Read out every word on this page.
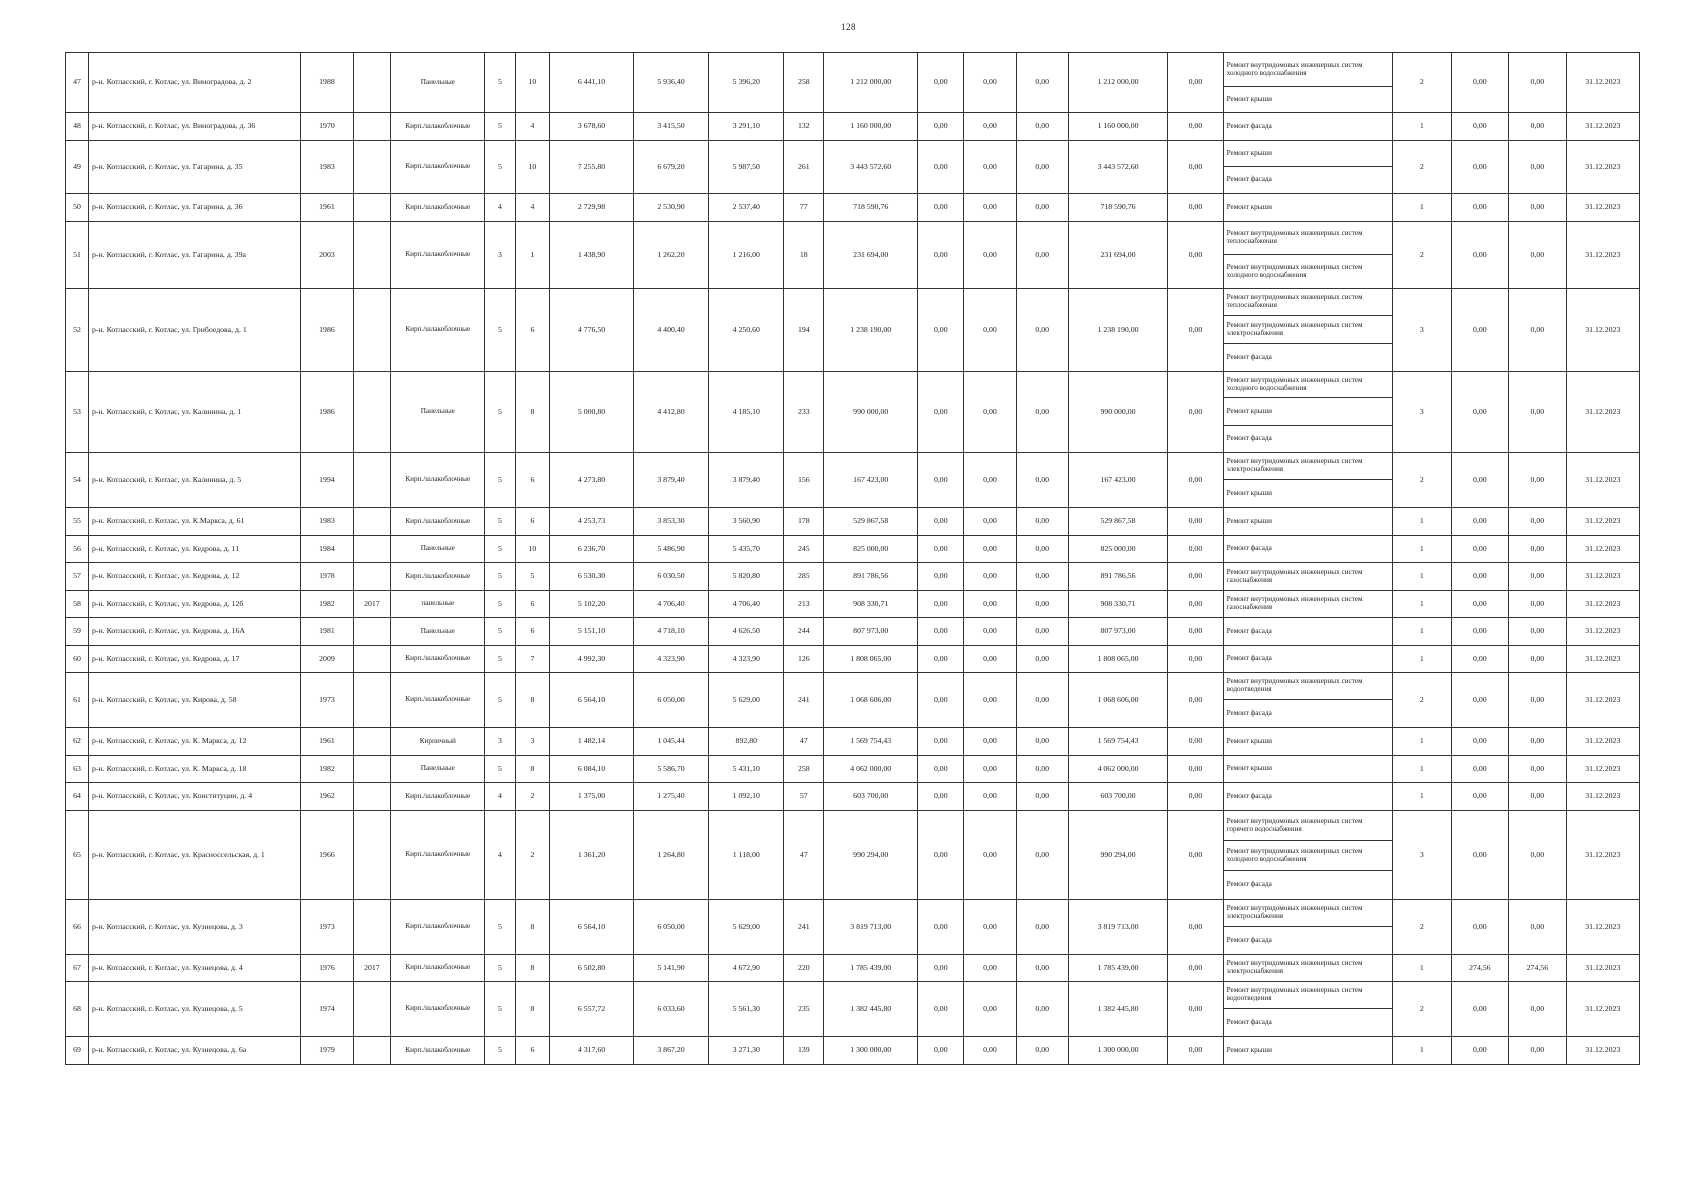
128
47	р-н. Котласский, г. Котлас, ул. Виноградова, д. 2	1988		Панельные	5	10	6 441,10	5 936,40	5 396,20	258	1 212 000,00	0,00	0,00	0,00	1 212 000,00	0,00	Ремонт внутридомовых инженерных систем холодного водоснабжения
Ремонт крыши	2	0,00	0,00	31.12.2023
48	р-н. Котласский, г. Котлас, ул. Виноградова, д. 36	1970		Кирп./шлакоблочные	5	4	3 678,60	3 415,50	3 291,10	132	1 160 000,00	0,00	0,00	0,00	1 160 000,00	0,00	Ремонт фасада	1	0,00	0,00	31.12.2023
49	р-н. Котласский, г. Котлас, ул. Гагарина, д. 35	1983		Кирп./шлакоблочные	5	10	7 255,80	6 679,20	5 987,50	261	3 443 572,60	0,00	0,00	0,00	3 443 572,60	0,00	Ремонт крыши
Ремонт фасада	2	0,00	0,00	31.12.2023
50	р-н. Котласский, г. Котлас, ул. Гагарина, д. 36	1961		Кирп./шлакоблочные	4	4	2 729,98	2 530,90	2 537,40	77	718 590,76	0,00	0,00	0,00	718 590,76	0,00	Ремонт крыши	1	0,00	0,00	31.12.2023
51	р-н. Котласский, г. Котлас, ул. Гагарина, д. 39а	2003		Кирп./шлакоблочные	3	1	1 438,90	1 262,20	1 216,00	18	231 694,00	0,00	0,00	0,00	231 694,00	0,00	Ремонт внутридомовых инженерных систем теплоснабжения
Ремонт внутридомовых инженерных систем холодного водоснабжения	2	0,00	0,00	31.12.2023
52	р-н. Котласский, г. Котлас, ул. Грибоедова, д. 1	1986		Кирп./шлакоблочные	5	6	4 776,50	4 400,40	4 250,60	194	1 238 190,00	0,00	0,00	0,00	1 238 190,00	0,00	Ремонт внутридомовых инженерных систем теплоснабжения
Ремонт внутридомовых инженерных систем электроснабжения
Ремонт фасада	3	0,00	0,00	31.12.2023
53	р-н. Котласский, г. Котлас, ул. Калинина, д. 1	1986		Панельные	5	8	5 000,80	4 412,80	4 185,10	233	990 000,00	0,00	0,00	0,00	990 000,00	0,00	Ремонт внутридомовых инженерных систем холодного водоснабжения
Ремонт крыши
Ремонт фасада	3	0,00	0,00	31.12.2023
54	р-н. Котласский, г. Котлас, ул. Калинина, д. 5	1994		Кирп./шлакоблочные	5	6	4 273,80	3 879,40	3 879,40	156	167 423,00	0,00	0,00	0,00	167 423,00	0,00	Ремонт внутридомовых инженерных систем электроснабжения
Ремонт крыши	2	0,00	0,00	31.12.2023
55	р-н. Котласский, г. Котлас, ул. К.Маркса, д. 61	1983		Кирп./шлакоблочные	5	6	4 253,73	3 853,30	3 560,90	178	529 867,58	0,00	0,00	0,00	529 867,58	0,00	Ремонт крыши	1	0,00	0,00	31.12.2023
56	р-н. Котласский, г. Котлас, ул. Кедрова, д. 11	1984		Панельные	5	10	6 236,70	5 486,90	5 435,70	245	825 000,00	0,00	0,00	0,00	825 000,00	0,00	Ремонт фасада	1	0,00	0,00	31.12.2023
57	р-н. Котласский, г. Котлас, ул. Кедрова, д. 12	1978		Кирп./шлакоблочные	5	5	6 530,30	6 030,50	5 820,80	285	891 786,56	0,00	0,00	0,00	891 786,56	0,00	Ремонт внутридомовых инженерных систем газоснабжения	1	0,00	0,00	31.12.2023
58	р-н. Котласский, г. Котлас, ул. Кедрова, д. 12б	1982	2017	панельные	5	6	5 102,20	4 706,40	4 706,40	213	908 330,71	0,00	0,00	0,00	908 330,71	0,00	Ремонт внутридомовых инженерных систем газоснабжения	1	0,00	0,00	31.12.2023
59	р-н. Котласский, г. Котлас, ул. Кедрова, д. 16А	1981		Панельные	5	6	5 151,10	4 718,10	4 626,50	244	807 973,00	0,00	0,00	0,00	807 973,00	0,00	Ремонт фасада	1	0,00	0,00	31.12.2023
60	р-н. Котласский, г. Котлас, ул. Кедрова, д. 17	2009		Кирп./шлакоблочные	5	7	4 992,30	4 323,90	4 323,90	126	1 808 065,00	0,00	0,00	0,00	1 808 065,00	0,00	Ремонт фасада	1	0,00	0,00	31.12.2023
61	р-н. Котласский, г. Котлас, ул. Кирова, д. 58	1973		Кирп./шлакоблочные	5	8	6 564,10	6 050,00	5 629,00	241	1 068 606,00	0,00	0,00	0,00	1 068 606,00	0,00	Ремонт внутридомовых инженерных систем водоотведения
Ремонт фасада	2	0,00	0,00	31.12.2023
62	р-н. Котласский, г. Котлас, ул. К. Маркса, д. 12	1961		Кирпичный	3	3	1 482,14	1 045,44	892,80	47	1 569 754,43	0,00	0,00	0,00	1 569 754,43	0,00	Ремонт крыши	1	0,00	0,00	31.12.2023
63	р-н. Котласский, г. Котлас, ул. К. Маркса, д. 18	1982		Панельные	5	8	6 084,10	5 586,70	5 431,10	258	4 062 000,00	0,00	0,00	0,00	4 062 000,00	0,00	Ремонт крыши	1	0,00	0,00	31.12.2023
64	р-н. Котласский, г. Котлас, ул. Конституции, д. 4	1962		Кирп./шлакоблочные	4	2	1 375,00	1 275,40	1 092,10	57	603 700,00	0,00	0,00	0,00	603 700,00	0,00	Ремонт фасада	1	0,00	0,00	31.12.2023
65	р-н. Котласский, г. Котлас, ул. Красноссельская, д. 1	1966		Кирп./шлакоблочные	4	2	1 361,20	1 264,80	1 118,00	47	990 294,00	0,00	0,00	0,00	990 294,00	0,00	Ремонт внутридомовых инженерных систем горячего водоснабжения
Ремонт внутридомовых инженерных систем холодного водоснабжения
Ремонт фасада	3	0,00	0,00	31.12.2023
66	р-н. Котласский, г. Котлас, ул. Кузнецова, д. 3	1973		Кирп./шлакоблочные	5	8	6 564,10	6 050,00	5 629,00	241	3 819 713,00	0,00	0,00	0,00	3 819 713,00	0,00	Ремонт внутридомовых инженерных систем электроснабжения
Ремонт фасада	2	0,00	0,00	31.12.2023
67	р-н. Котласский, г. Котлас, ул. Кузнецова, д. 4	1976	2017	Кирп./шлакоблочные	5	8	6 502,80	5 141,90	4 672,90	220	1 785 439,00	0,00	0,00	0,00	1 785 439,00	0,00	Ремонт внутридомовых инженерных систем электроснабжения	1	274,56	274,56	31.12.2023
68	р-н. Котласский, г. Котлас, ул. Кузнецова, д. 5	1974		Кирп./шлакоблочные	5	8	6 557,72	6 033,60	5 561,30	235	1 382 445,80	0,00	0,00	0,00	1 382 445,80	0,00	Ремонт внутридомовых инженерных систем водоотведения
Ремонт фасада	2	0,00	0,00	31.12.2023
69	р-н. Котласский, г. Котлас, ул. Кузнецова, д. 6а	1979		Кирп./шлакоблочные	5	6	4 317,60	3 867,20	3 271,30	139	1 300 000,00	0,00	0,00	0,00	1 300 000,00	0,00	Ремонт крыши	1	0,00	0,00	31.12.2023
